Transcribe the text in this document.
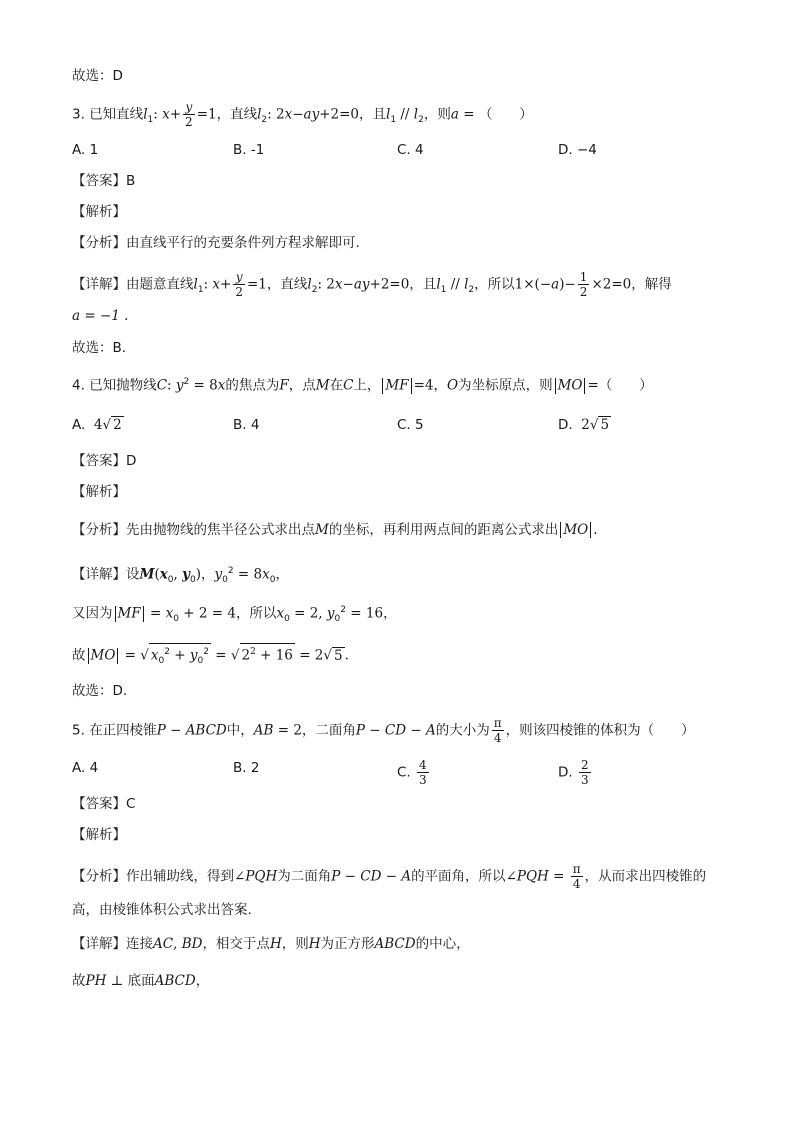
故选：D
3. 已知直线$l_1$: $x+ \frac{y}{2} =1$，直线$l_2$: 2x−ay+2=0，且$l_1 // l_2$，则a = （　　）
A. 1	B. -1	C. 4	D. −4
【答案】B
【解析】
【分析】由直线平行的充要条件列方程求解即可.
【详解】由题意直线$l_1$: $x+ \frac{y}{2} =1$，直线$l_2$: 2x−ay+2=0，且$l_1 // l_2$，所以$1\times(-a)- \frac{1}{2} \times 2=0$，解得
a = −1 .
故选：B.
4. 已知抛物线C: $y^2 = 8x$的焦点为F，点M在C上， MF =4，O为坐标原点，则 MO =（　　）
A. 4√ 2	B. 4	C. 5	D. 2√ 5
【答案】D
【解析】
【分析】先由抛物线的焦半径公式求出点M的坐标，再利用两点间的距离公式求出 MO .
【详解】设$M(x_0$, $y_0$)，$y_0^2 = 8x_0$，
又因为 MF = $x_0 + 2 = 4$，所以$x_0 = 2$, $y_0^2 = 16$，
故 MO = √ $x_0^2 + y_0^2$ = √ $2^2 + 16 = 2√$ 5 .
故选：D.
5. 在正四棱锥P − ABCD中，AB = 2，二面角P − CD − A的大小为 $\frac{\pi}{4}$ ，则该四棱锥的体积为（　　）
A. 4	B. 2	C. $\frac{4}{3}$	D. $\frac{2}{3}$
【答案】C
【解析】
【分析】作出辅助线，得到∠PQH为二面角P − CD − A的平面角，所以∠PQH = $\frac{\pi}{4}$ ，从而求出四棱锥的
高，由棱锥体积公式求出答案.
【详解】连接AC, BD，相交于点H，则H为正方形ABCD的中心，
故PH ⊥ 底面ABCD，
